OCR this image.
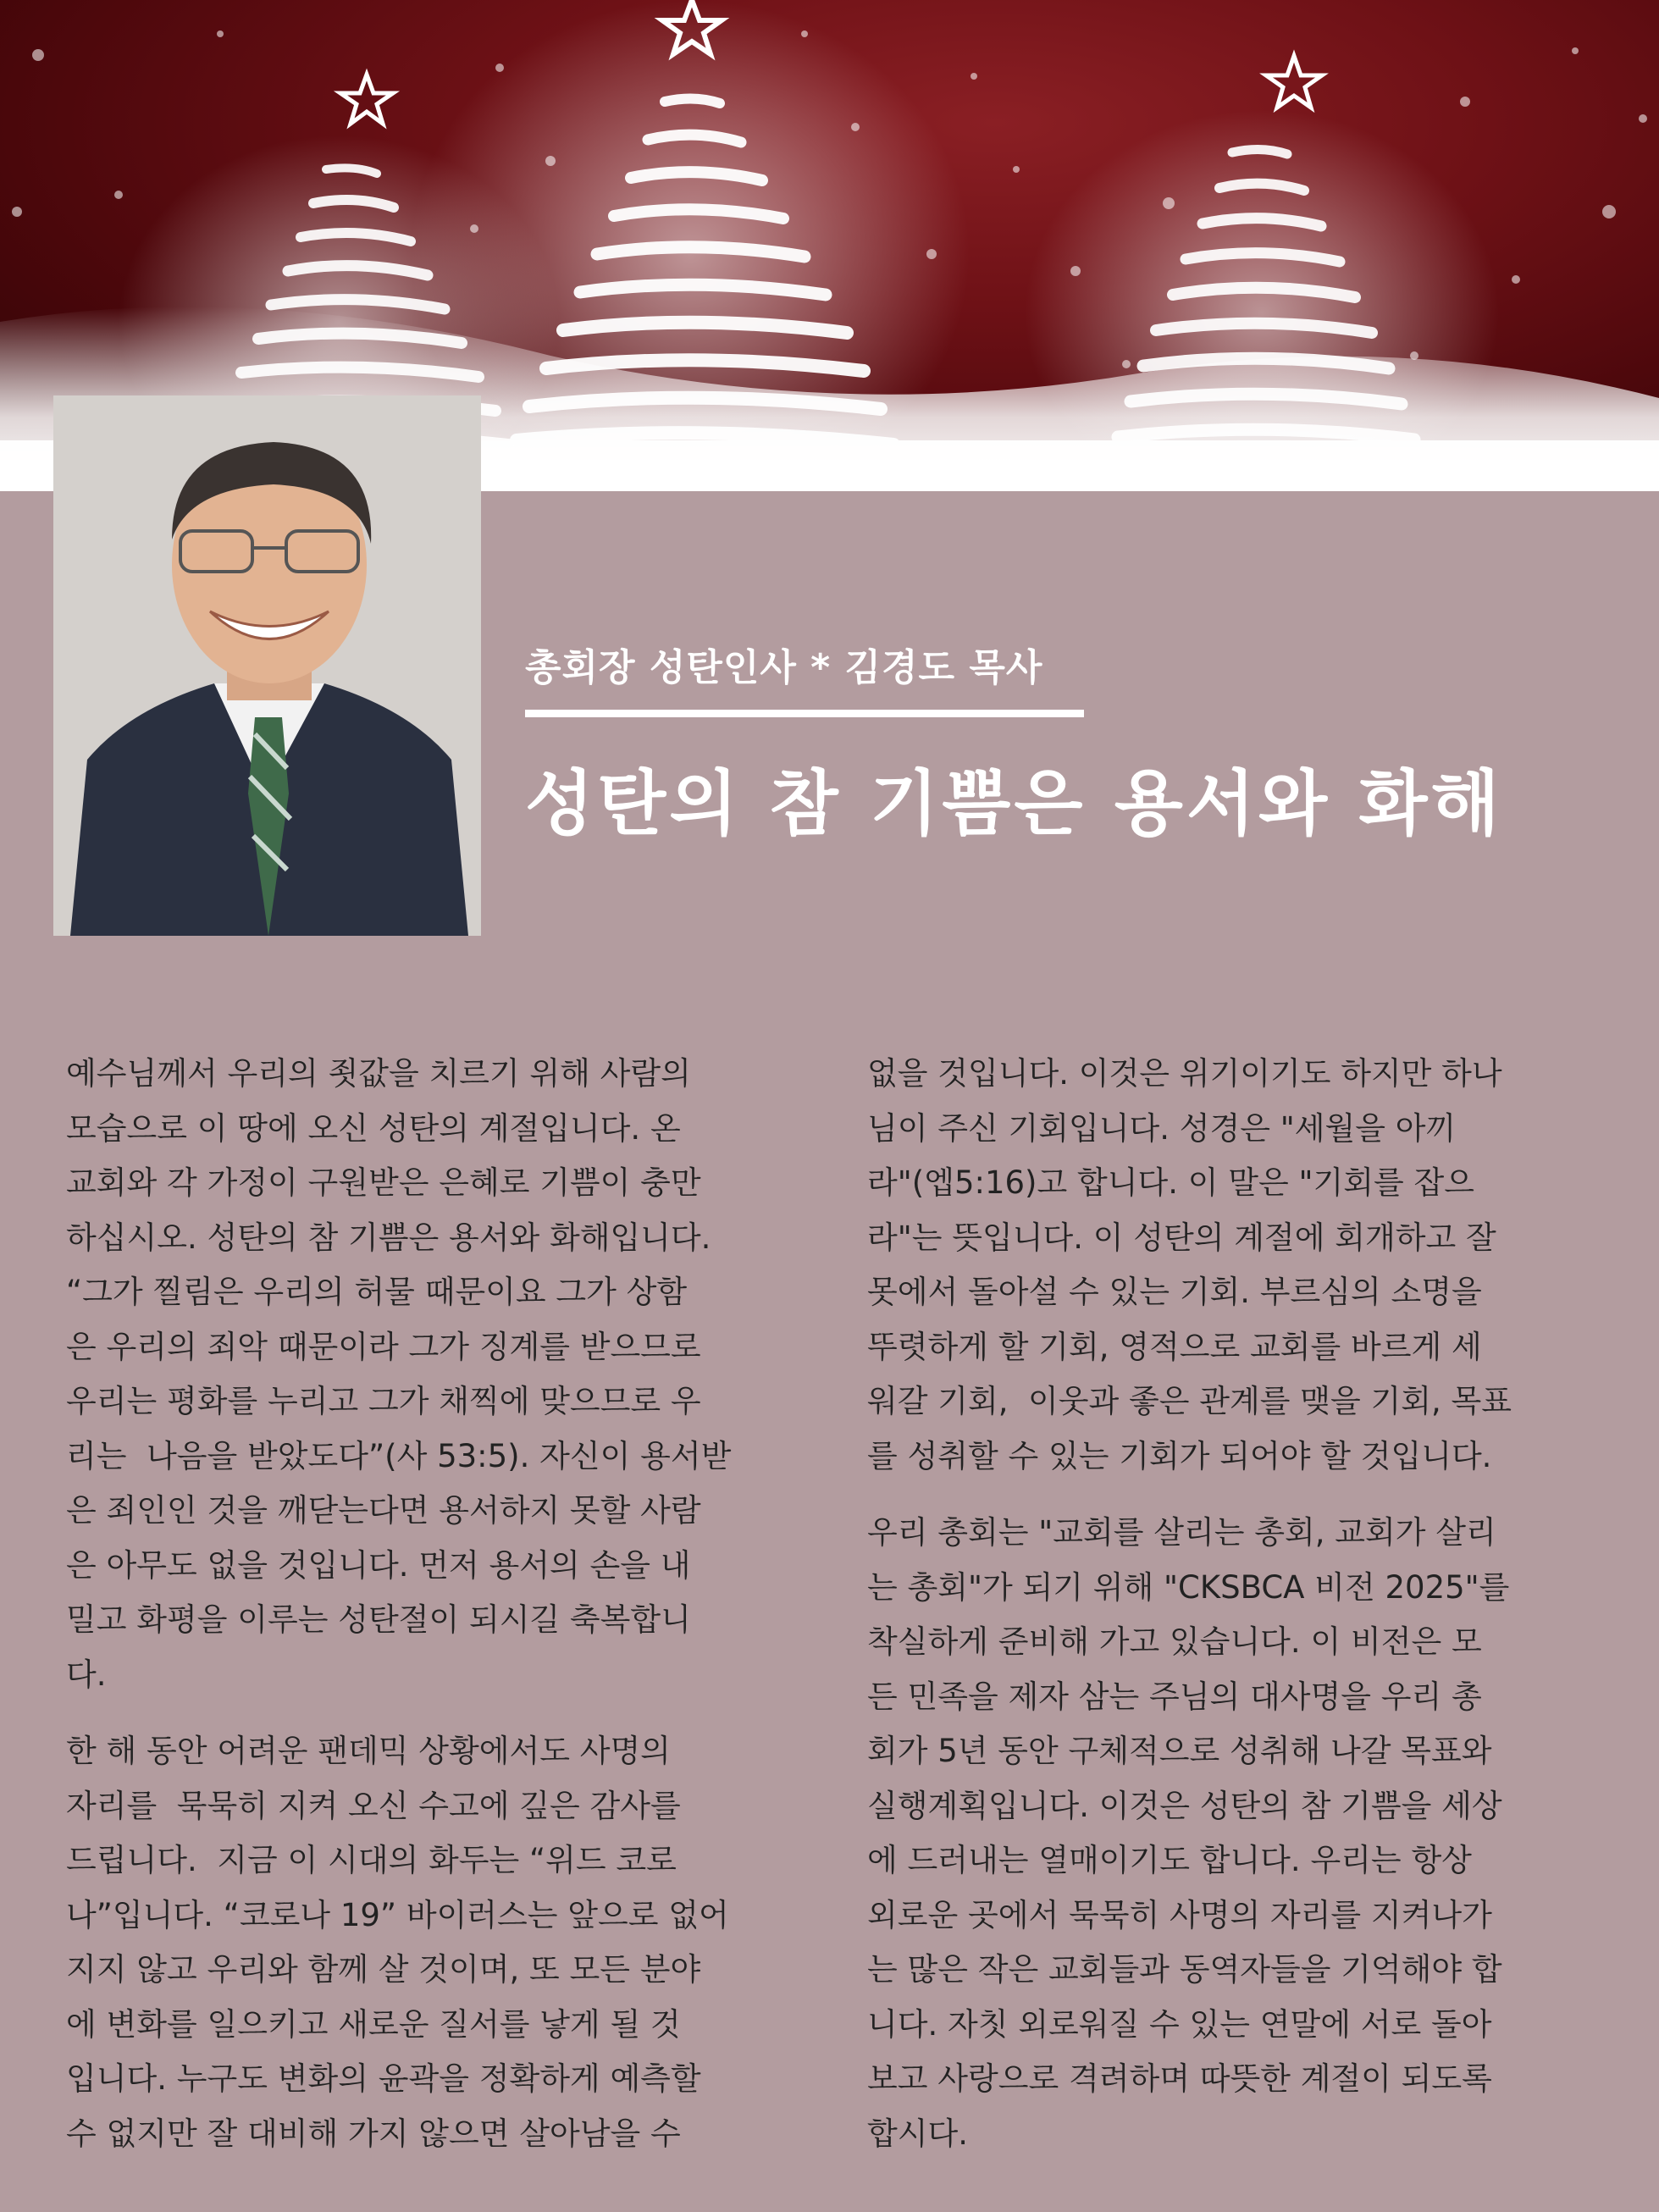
총회장 성탄인사 * 김경도 목사
성탄의 참 기쁨은 용서와 화해
예수님께서 우리의 죗값을 치르기 위해 사람의
모습으로 이 땅에 오신 성탄의 계절입니다. 온
교회와 각 가정이 구원받은 은혜로 기쁨이 충만
하십시오. 성탄의 참 기쁨은 용서와 화해입니다.
“그가 찔림은 우리의 허물 때문이요 그가 상함
은 우리의 죄악 때문이라 그가 징계를 받으므로
우리는 평화를 누리고 그가 채찍에 맞으므로 우
리는  나음을 받았도다”(사 53:5). 자신이 용서받
은 죄인인 것을 깨닫는다면 용서하지 못할 사람
은 아무도 없을 것입니다. 먼저 용서의 손을 내
밀고 화평을 이루는 성탄절이 되시길 축복합니
다.
한 해 동안 어려운 팬데믹 상황에서도 사명의
자리를  묵묵히 지켜 오신 수고에 깊은 감사를
드립니다.  지금 이 시대의 화두는 “위드 코로
나”입니다. “코로나 19” 바이러스는 앞으로 없어
지지 않고 우리와 함께 살 것이며, 또 모든 분야
에 변화를 일으키고 새로운 질서를 낳게 될 것
입니다. 누구도 변화의 윤곽을 정확하게 예측할
수 없지만 잘 대비해 가지 않으면 살아남을 수
없을 것입니다. 이것은 위기이기도 하지만 하나
님이 주신 기회입니다. 성경은 "세월을 아끼
라"(엡5:16)고 합니다. 이 말은 "기회를 잡으
라"는 뜻입니다. 이 성탄의 계절에 회개하고 잘
못에서 돌아설 수 있는 기회. 부르심의 소명을
뚜렷하게 할 기회, 영적으로 교회를 바르게 세
워갈 기회,  이웃과 좋은 관계를 맺을 기회, 목표
를 성취할 수 있는 기회가 되어야 할 것입니다.
우리 총회는 "교회를 살리는 총회, 교회가 살리
는 총회"가 되기 위해 "CKSBCA 비전 2025"를
착실하게 준비해 가고 있습니다. 이 비전은 모
든 민족을 제자 삼는 주님의 대사명을 우리 총
회가 5년 동안 구체적으로 성취해 나갈 목표와
실행계획입니다. 이것은 성탄의 참 기쁨을 세상
에 드러내는 열매이기도 합니다. 우리는 항상
외로운 곳에서 묵묵히 사명의 자리를 지켜나가
는 많은 작은 교회들과 동역자들을 기억해야 합
니다. 자칫 외로워질 수 있는 연말에 서로 돌아
보고 사랑으로 격려하며 따뜻한 계절이 되도록
합시다.
